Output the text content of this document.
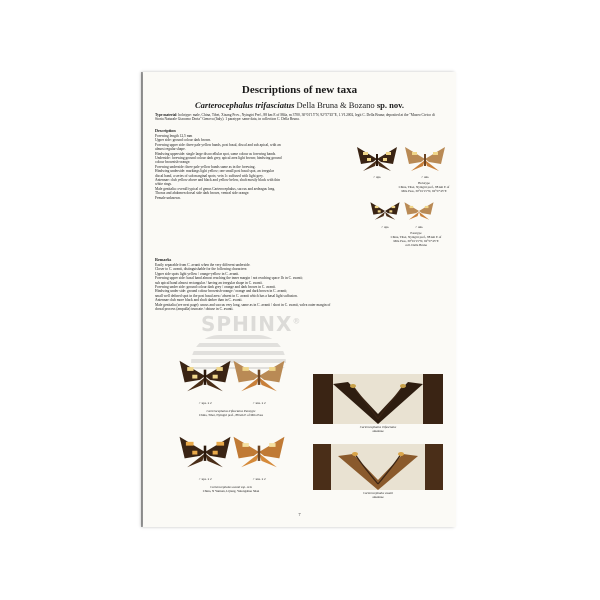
Descriptions of new taxa
Carterocephalus trifasciatus Della Bruna & Bozano sp. nov.
Type material: holotype: male, China, Tibet, Xizang Prov., Nyingtri Pref., 88 km E of Mila, m 3700, 30°01'15"N, 92°57'45"E, 1.VI.2002, legit C. Della Bruna; deposited at the "Museo Civico di Storia Naturale Giacomo Doria" Genova (Italy). 1 paratype: same data, in collection C. Della Bruna.
Description
Forewing length 12,5 mm
Upper side: ground colour dark brown.
Forewing upper side: three pale yellow bands, post basal, discal and sub apical, with an
almost regular shape.
Hindwing upperside: single large discocellular spot, same colour as forewing bands.
Underside: forewing ground colour dark grey, apical area light brown; hindwing ground
colour brownish-orange.
Forewing underside: three pale yellow bands same as in the forewing.
Hindwing underside: markings light yellow; one small post basal spot, an irregular
discal band, a series of sub marginal spots; vein 1c suffused with light grey.
Antennae: club yellow above and black and yellow below, shaft mostly black with thin
white rings.
Male genitalia: overall typical of genus Carterocephalus, saccus and aedeagus long.
Thorax and abdomen dorsal side dark brown, ventral side orange.
Female unknown.
♂ ups.	♂ uns.
Holotype
China, Tibet, Nyingtri pref., 88 km E of
Mila Pass, 30°01'15"N, 92°57'45"E
♂ ups.	♂ uns.
Paratype
China, Tibet, Nyingtri pref., 88 km E of
Mila Pass, 30°01'15"N, 92°57'45"E
coll. Della Bruna
Remarks
Easily separable from C. avanti when the very different underside.
Closer to C. avanti, distinguishable for the following characters:
Upper side spots light yellow / orange-yellow in C. avanti.
Forewing upper side: basal band almost reaching the inner margin / not reaching space 1b in C. avanti;
sub apical band almost rectangular / having an irregular shape in C. avanti.
Forewing under side: ground colour dark grey / orange and dark brown in C. avanti.
Hindwing under side: ground colour brownish-orange / orange and dark brown in C. avanti;
small well defined spot in the post basal area / absent in C. avanti which has a basal light suffusion.
Antennae club more black and shaft darker than in C. avanti.
Male genitalia (see next page): uncus and saccus very long, same as in C. avanti / short in C. avanti, valva outer margin of
dorsal process (ampulla) truncate / obtuse in C. avanti.
SPHINX®
♂ ups. x 2	♂ uns. x 2
Carterocephalus trifasciatus Paratype
China, Tibet, Nyingtri pref., 88 km E of Mila Pass
♂ ups. x 2	♂ uns. x 2
Carterocephalus avanti ssp. ovis
China, N Yunnan, Lijiang, Yulongshue Shan
Carterocephalus trifasciatus
antennae
Carterocephalus avanti
antennae
7
